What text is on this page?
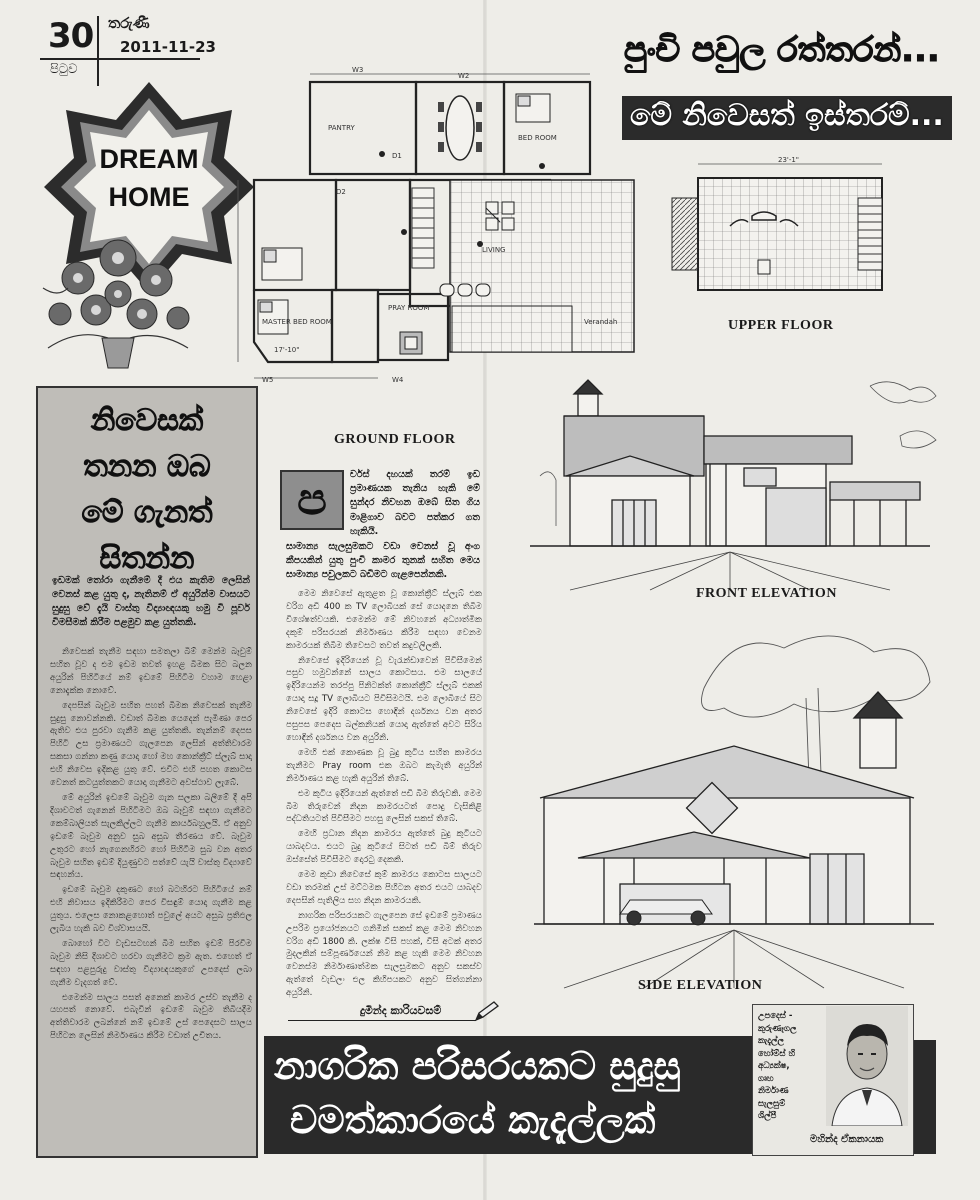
30 තරුණී
2011-11-23
පිටුව	පුංචි පවුල රත්තරන්...
මේ නිවෙසත් ඉස්තරම්...
DREAM
HOME
W3
W2
PANTRY
BED ROOM
MASTER BED ROOM
PRAY ROOM
LIVING
Verandah
W5	W4
D1
D2
17'-10"
GROUND FLOOR
23'-1"
UPPER FLOOR
FRONT ELEVATION
SIDE ELEVATION
නිවෙසක්
තනන ඔබ
මේ ගැනත්
සිතන්න
ඉඩමක් තෝරා ගැනීමේ දී එය කැතිම ලෙසින් වෙනස් කළ යුතු ද, නැතිනම් ඒ අයුරින්ම වාසයට සුදුසු වේ දැයි වාස්තු විද්‍යාඥයකු හමු වී පූර්ව විමසීමක් කිරීම පළමුව කළ යුත්තකි.

නිවෙසක් තැනීම සඳහා සමතලා බිම් මෙන්ම බෑවුම් සහිත වූව ද එම ඉඩම තවත් ඉහළ බිමක සිට බලන අයුරින් පිහිටියේ නම් ඉඩමේ පිහිටීම වහාම හෙළා නොදැක්ක නොවේ.

දෙපසින් බෑවුම සහිත පහත් බිමක නිවෙසක් තැනීම සුදුසු නොවන්නකි. වඩාත් බිමක යෙදෙන් පැමිණා පෙර ඇතිව එය පුරවා ගැනීම කළ යුත්තකි. තැන්නම් දෙපස පිහිටි උස ප්‍රමාණයට ගැලපෙන ලෙසින් අත්තිවාරම සකසා ගන්නා කණු යොදා හෝ මහ කොන්ක්‍රීට් ස්ලැබ් සාදා එහි නිවෙස ඉදිකළ යුතු වේ. එවිට එහි පහත කොටස වෙනත් කටයුත්තකට යොදා ගැනීමට අවස්ථාව ලැබේ.

මේ අයුරින් ඉඩමේ බෑවුම ගැන සලකා බලීමේ දී අපි දිශාවටත් ගැනෙන් පිහිටීමට ඔබ බෑවුම් සඳහා ගැනීමට කෙම්බාලියත් සැලකිල්ලට ගැනීම කාර්යබහුලයි. ඒ අනුව ඉඩමේ බෑවුම අනුව සුබ අසුබ තීරණය වේ. බෑවුම උතුරට හෝ නැගෙනහිරට හෝ පිහිටීම සුබ වන අතර බෑවුම සහිත ඉඩම් දියුණුවට පත්වේ යැයි වාස්තු විද්‍යාවේ සඳහන්ය.

ඉඩමේ බෑවුම දකුණට හෝ බටහිරට පිහිටියේ නම් එහි නිවාසය ඉදිකිරීමට පෙර විසඳුම් යොදා ගැනීම කළ යුතුය. එලෙස නොකළහොත් පවුලේ අයට අසුබ ප්‍රතිඵල ලැබිය හැකි බව විශ්වාසයයි.

බොහෝ විට වැඩසටහන් බිම සහිත ඉඩම් පිරවීම බෑවුම නිසි දිශාවට හරවා ගැනීමට ක්‍රම ඇත. එහෙත් ඒ සඳහා පළපුරුදු වාස්තු විද්‍යාඥයකුගේ උපදෙස් ලබා ගැනීම වැදගත් වේ.

එමෙන්ම සාලය පසත් අනෙක් කාමර උස්ව තැනීම ද යහපත් නොවේ. එබැවින් ඉඩමේ බෑවුම තිබියදීම අත්තිවාරම ලබන්නේ නම් ඉඩමේ උස් පෙදෙසට සාලය පිහිටන ලෙසින් නිර්මාණය කිරීම වඩාත් උචිතය.

ප	ර්චස් දහයක් තරම් ඉඩ ප්‍රමාණයක තැනිය හැකි මේ සුන්දර නිවහන ඔබේ සිත ගිය මාළිගාව බවට පත්කර ගත හැකියි.
සාමාන්‍ය සැලසුමකට වඩා වෙනස් වූ අංග කීපයකින් යුතු පුංචි කාමර තුනක් සහිත මෙය සාමාන්‍ය පවුලකට බඩිමට ගැළපෙන්නකි.

මෙම නිවෙසේ ඇතුළත වූ කොන්ක්‍රීට් ස්ලැබ් එක වරිග අඩි 400 ක TV ලොබියක් සේ යොදනෙ තිබීම විශේෂත්වයකි. එමෙන්ම මේ නිවහනේ අධ්‍යාත්මික දකුම් පරිසරයක් නිර්මාණය කිරීම සඳහා වෙනම කාමරයක් තිබීම තිවෙසට තවත් කදුවලිලකි.

නිවෙසේ ඉදිරියෙන් වූ වැරැන්ඩාවෙන් පිවිසීමෙන් පසුව හමුවන්නේ සාලය කොටසය. එම සාලයේ ඉදිරියෙන්ම තරප්පු පිනිටක්ත් කොන්ක්‍රීට් ස්ලැබ් එකක් යොදා සදූ TV ලොබියට පිවිසිමටයි. එම ලොබියේ සිට නිවෙසේ ඉදිරි කොටස හොඳින් දර්ශනය වන අතර පසුපස පෙදෙස බල්කනියක් යොදා ඇත්තේ අවට සිරිය හොඳින් දර්ශනය වන අයුරිනි.

මෙහි එක් කොණක වූ බුදු කුටිය සහිත කාමරය තැනීමට Pray room එක ඔබට කැමැති අයුරින් නිර්මාණය කළ හැකි අයුරින් තිබේ.

එම කුටිය ඉදිරියෙන් ඇත්තේ පඩි බිම තිරුවකි. මෙම බිම තිරුවෙන් නිදන කාමරයටත් පොදු වැසිකිළි පද්ධතියටත් පිවිසීමට පහසු ලෙසින් සකස් තිබේ.

මෙහි ප්‍රධාන නිදන කාමරය ඇත්තේ බුදු කුටියට යාබදවය. එයට බුදු කුටියේ සිටත් පඩි බිම් තිරුව ඔස්සේත් පිවිසීමට දොරටු දෙකකි.

මෙම කුඩා නිවෙසේ කුම් කාමරය කොටස සාලයට වඩා තරමක් උස් මට්ටමක පිහිටන අතර එයට යාබදව දෙපසින් පැතිලිය සහ නිදන කාමරයකි.

නාගරික පරිසරයකට ගැලපෙන සේ ඉඩමේ ප්‍රමාණය උපරිම ප්‍රයෝජනයට ගනිමින් සකස් කළ මෙම නිවහන වරිග අඩි 1800 කි. ලක්ෂ විසි පහක්, විසි අටක් අතර මුදලකින් සම්පූර්ණයෙන් නිම කළ හැකි මෙම නිවහන වෙනස්ම නිර්මාණාත්මක සැලසුමකට අනුව සකස්ව ඇත්තේ වැඩලං එල කිහිපයකට අනුව සිත්ගන්නා අයුරිනි.

දුමින්ද කාරියවසම්
නාගරික පරිසරයකට සුදුසු
චමත්කාරයේ කැදැල්ලක්
උපදෙස් -
කුරුණෑගල
කැදැල්ල
හෝම්ස් හි
අධ්‍යක්ෂ,
ගෘහ
නිර්මාණ
සැලසුම්
ශිල්පී
මහින්ද ඒකනායක
